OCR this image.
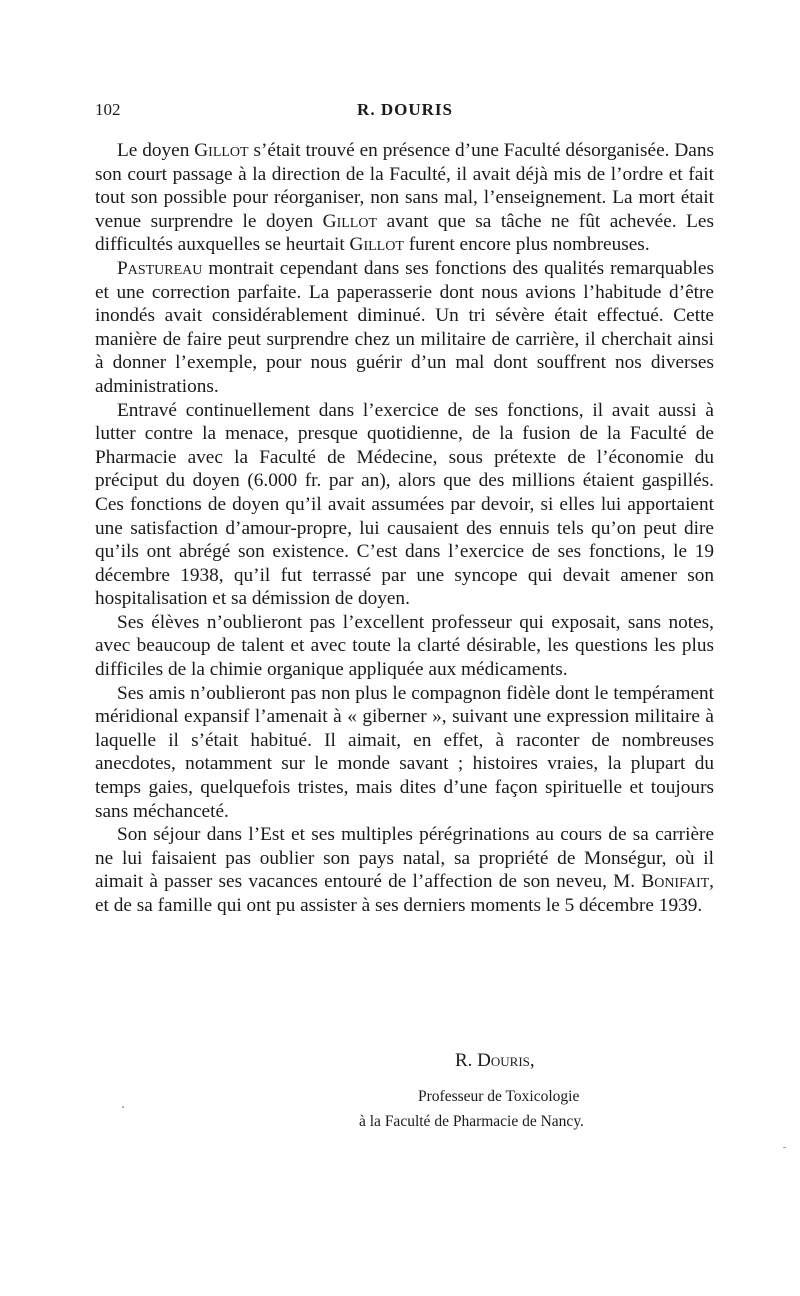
102	R. DOURIS

Le doyen Gillot s’était trouvé en présence d’une Faculté désorganisée. Dans son court passage à la direction de la Faculté, il avait déjà mis de l’ordre et fait tout son possible pour réorganiser, non sans mal, l’enseignement. La mort était venue surprendre le doyen Gillot avant que sa tâche ne fût achevée. Les difficultés auxquelles se heurtait Gillot furent encore plus nombreuses.

Pastureau montrait cependant dans ses fonctions des qualités remarquables et une correction parfaite. La paperasserie dont nous avions l’habitude d’être inondés avait considérablement diminué. Un tri sévère était effectué. Cette manière de faire peut surprendre chez un militaire de carrière, il cherchait ainsi à donner l’exemple, pour nous guérir d’un mal dont souffrent nos diverses administrations.

Entravé continuellement dans l’exercice de ses fonctions, il avait aussi à lutter contre la menace, presque quotidienne, de la fusion de la Faculté de Pharmacie avec la Faculté de Médecine, sous prétexte de l’économie du préciput du doyen (6.000 fr. par an), alors que des millions étaient gaspillés. Ces fonctions de doyen qu’il avait assumées par devoir, si elles lui apportaient une satisfaction d’amour-propre, lui causaient des ennuis tels qu’on peut dire qu’ils ont abrégé son existence. C’est dans l’exercice de ses fonctions, le 19 décembre 1938, qu’il fut terrassé par une syncope qui devait amener son hospitalisation et sa démission de doyen.

Ses élèves n’oublieront pas l’excellent professeur qui exposait, sans notes, avec beaucoup de talent et avec toute la clarté désirable, les questions les plus difficiles de la chimie organique appliquée aux médicaments.

Ses amis n’oublieront pas non plus le compagnon fidèle dont le tempérament méridional expansif l’amenait à « giberner », suivant une expression militaire à laquelle il s’était habitué. Il aimait, en effet, à raconter de nombreuses anecdotes, notamment sur le monde savant ; histoires vraies, la plupart du temps gaies, quelquefois tristes, mais dites d’une façon spirituelle et toujours sans méchanceté.

Son séjour dans l’Est et ses multiples pérégrinations au cours de sa carrière ne lui faisaient pas oublier son pays natal, sa propriété de Monségur, où il aimait à passer ses vacances entouré de l’affection de son neveu, M. Bonifait, et de sa famille qui ont pu assister à ses derniers moments le 5 décembre 1939.

R. Douris,
Professeur de Toxicologie
à la Faculté de Pharmacie de Nancy.
